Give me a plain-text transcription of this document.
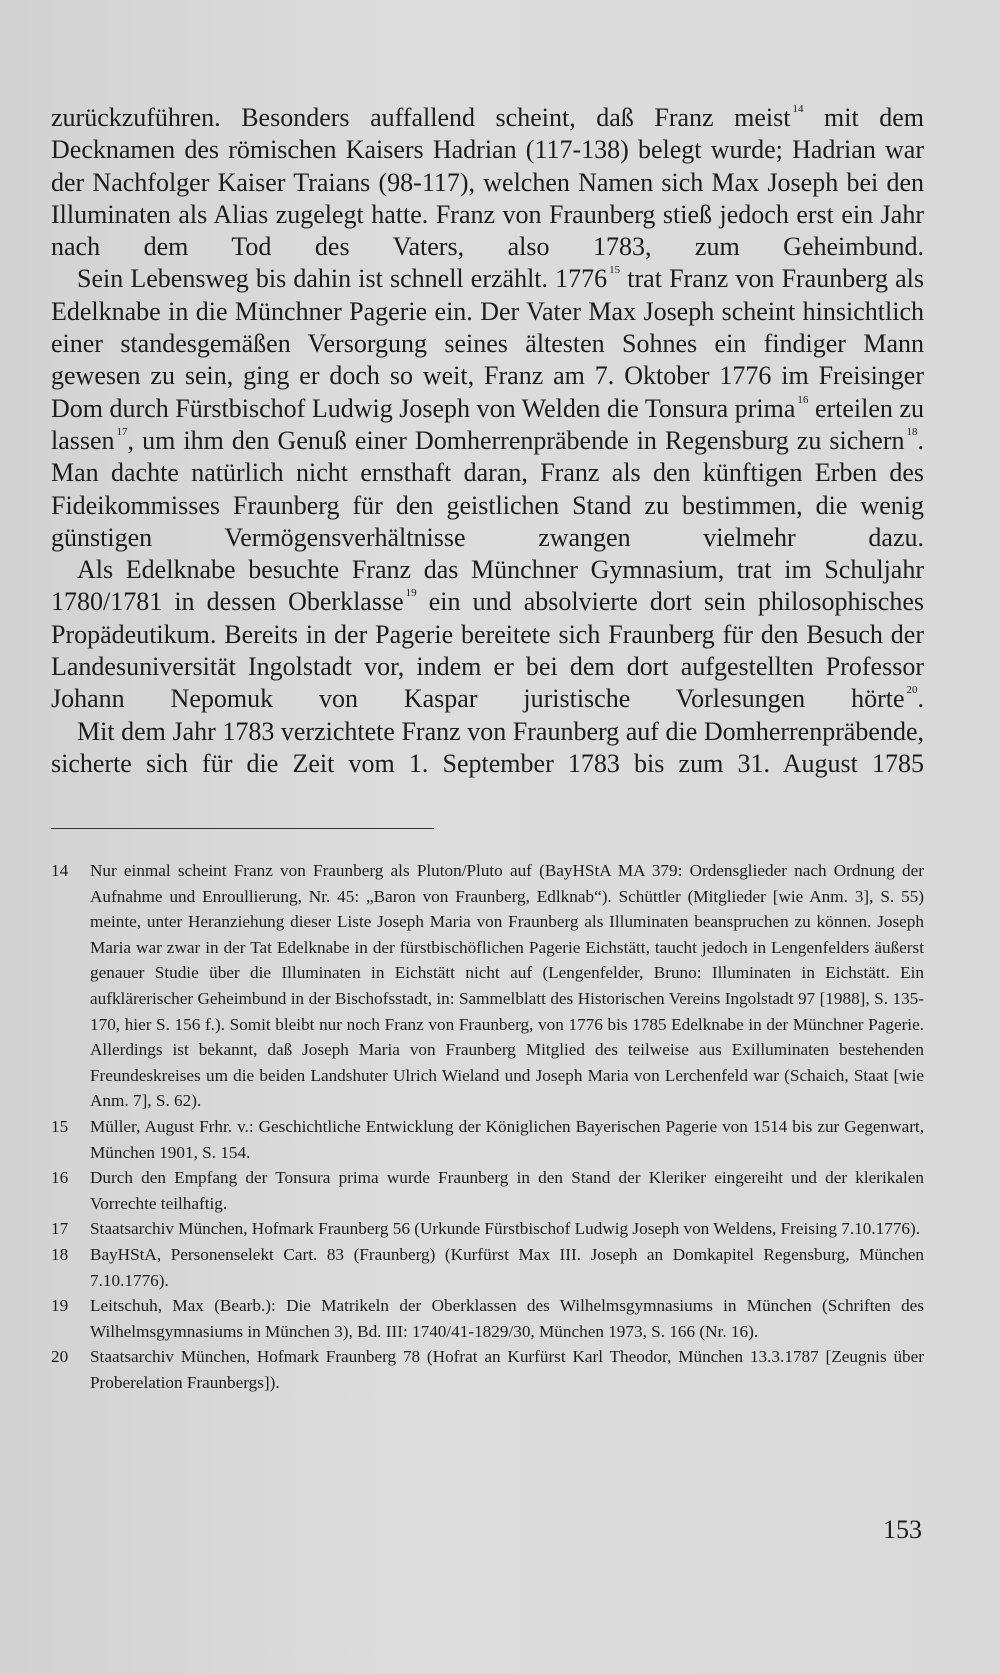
zurückzuführen. Besonders auffallend scheint, daß Franz meist $^{14}$ mit dem Decknamen des römischen Kaisers Hadrian (117-138) belegt wurde; Hadrian war der Nachfolger Kaiser Traians (98-117), welchen Namen sich Max Joseph bei den Illuminaten als Alias zugelegt hatte. Franz von Fraunberg stieß jedoch erst ein Jahr nach dem Tod des Vaters, also 1783, zum Geheimbund.

Sein Lebensweg bis dahin ist schnell erzählt. 1776 $^{15}$ trat Franz von Fraunberg als Edelknabe in die Münchner Pagerie ein. Der Vater Max Joseph scheint hinsichtlich einer standesgemäßen Versorgung seines ältesten Sohnes ein findiger Mann gewesen zu sein, ging er doch so weit, Franz am 7. Oktober 1776 im Freisinger Dom durch Fürstbischof Ludwig Joseph von Welden die Tonsura prima $^{16}$ erteilen zu lassen $^{17}$, um ihm den Genuß einer Domherrenpräbende in Regensburg zu sichern $^{18}$. Man dachte natürlich nicht ernsthaft daran, Franz als den künftigen Erben des Fideikommisses Fraunberg für den geistlichen Stand zu bestimmen, die wenig günstigen Vermögensverhältnisse zwangen vielmehr dazu.

Als Edelknabe besuchte Franz das Münchner Gymnasium, trat im Schuljahr 1780/1781 in dessen Oberklasse $^{19}$ ein und absolvierte dort sein philosophisches Propädeutikum. Bereits in der Pagerie bereitete sich Fraunberg für den Besuch der Landesuniversität Ingolstadt vor, indem er bei dem dort aufgestellten Professor Johann Nepomuk von Kaspar juristische Vorlesungen hörte $^{20}$.

Mit dem Jahr 1783 verzichtete Franz von Fraunberg auf die Domherrenpräbende, sicherte sich für die Zeit vom 1. September 1783 bis zum 31. August 1785

14 Nur einmal scheint Franz von Fraunberg als Pluton/Pluto auf (BayHStA MA 379: Ordensglieder nach Ordnung der Aufnahme und Enroullierung, Nr. 45: „Baron von Fraunberg, Edlknab“). Schüttler (Mitglieder [wie Anm. 3], S. 55) meinte, unter Heranziehung dieser Liste Joseph Maria von Fraunberg als Illuminaten beanspruchen zu können. Joseph Maria war zwar in der Tat Edelknabe in der fürstbischöflichen Pagerie Eichstätt, taucht jedoch in Lengenfelders äußerst genauer Studie über die Illuminaten in Eichstätt nicht auf (Lengenfelder, Bruno: Illuminaten in Eichstätt. Ein aufklärerischer Geheimbund in der Bischofsstadt, in: Sammelblatt des Historischen Vereins Ingolstadt 97 [1988], S. 135-170, hier S. 156 f.). Somit bleibt nur noch Franz von Fraunberg, von 1776 bis 1785 Edelknabe in der Münchner Pagerie. Allerdings ist bekannt, daß Joseph Maria von Fraunberg Mitglied des teilweise aus Exilluminaten bestehenden Freundeskreises um die beiden Landshuter Ulrich Wieland und Joseph Maria von Lerchenfeld war (Schaich, Staat [wie Anm. 7], S. 62).
15 Müller, August Frhr. v.: Geschichtliche Entwicklung der Königlichen Bayerischen Pagerie von 1514 bis zur Gegenwart, München 1901, S. 154.
16 Durch den Empfang der Tonsura prima wurde Fraunberg in den Stand der Kleriker eingereiht und der klerikalen Vorrechte teilhaftig.
17 Staatsarchiv München, Hofmark Fraunberg 56 (Urkunde Fürstbischof Ludwig Joseph von Weldens, Freising 7.10.1776).
18 BayHStA, Personenselekt Cart. 83 (Fraunberg) (Kurfürst Max III. Joseph an Domkapitel Regensburg, München 7.10.1776).
19 Leitschuh, Max (Bearb.): Die Matrikeln der Oberklassen des Wilhelmsgymnasiums in München (Schriften des Wilhelmsgymnasiums in München 3), Bd. III: 1740/41-1829/30, München 1973, S. 166 (Nr. 16).
20 Staatsarchiv München, Hofmark Fraunberg 78 (Hofrat an Kurfürst Karl Theodor, München 13.3.1787 [Zeugnis über Proberelation Fraunbergs]).
153
